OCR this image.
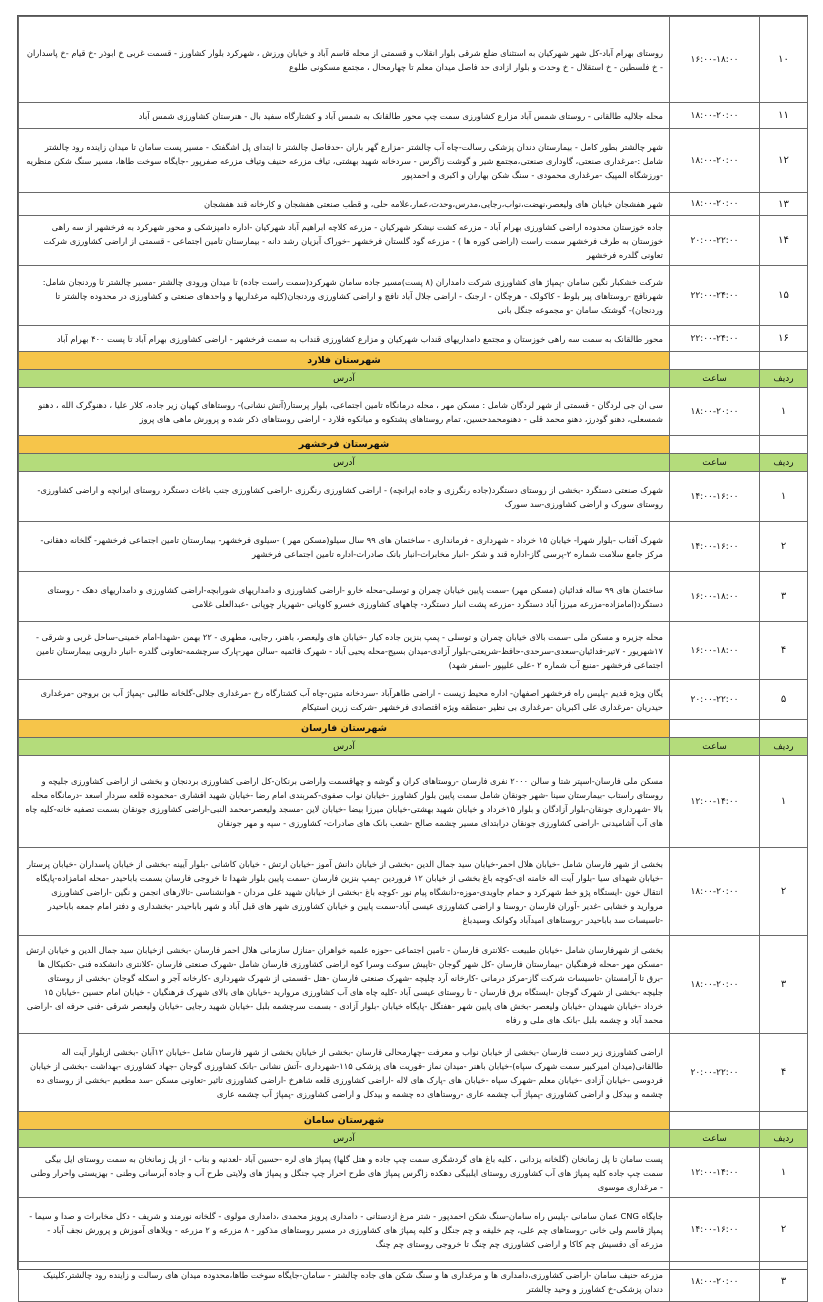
۱۰	۱۶:۰۰-۱۸:۰۰	روستای بهرام آباد-کل شهر شهرکیان به استثنای ضلع شرقی بلوار انقلاب و قسمتی از محله قاسم آباد و خیابان ورزش ، شهرکرد بلوار کشاورز - قسمت غربی خ ابوذر -خ قیام -خ پاسداران - خ فلسطین - خ استقلال - خ وحدت و بلوار ازادی حد فاصل میدان معلم تا چهارمحال ، مجتمع مسکونی طلوع
۱۱	۱۸:۰۰-۲۰:۰۰	محله جلالیه طالقانی - روستای شمس آباد مزارع کشاورزی سمت چپ محور طالقانک به شمس آباد و کشتارگاه سفید بال - هنرستان کشاورزی شمس آباد
۱۲	۱۸:۰۰-۲۰:۰۰	شهر چالشتر بطور کامل - بیمارستان دندان پزشکی رسالت-چاه آب چالشتر -مزارع گهر باران -حدفاصل چالشتر تا ابتدای پل اشگفتک - مسیر پست سامان تا میدان زاینده رود چالشتر شامل :-مرغداری صنعتی، گاوداری صنعتی،مجتمع شیر و گوشت زاگرس - سردخانه شهید بهشتی، تیاف مزرعه حنیف وتیاف مزرعه صفرپور -جایگاه سوخت طاها، مسیر سنگ شکن منظریه -ورزشگاه المپیک -مرغداری محمودی - سنگ شکن بهاران و اکبری و احمدپور
۱۳	۱۸:۰۰-۲۰:۰۰	شهر هفشجان خیابان های ولیعصر،نهضت،نواب،رجایی،مدرس،وحدت،عمار،علامه حلی، و قطب صنعتی هفشجان و کارخانه قند هفشجان
۱۴	۲۰:۰۰-۲۲:۰۰	جاده خوزستان محدوده اراضی کشاورزی بهرام آباد - مزرعه کشت نیشکر شهرکیان - مزرعه کلاچه ابراهیم آباد شهرکیان -اداره دامپزشکی و محور شهرکرد به فرخشهر از سه راهی خوزستان به طرف فرخشهر سمت راست (اراضی کوره ها ) - مزرعه گود گلستان فرخشهر -خوراک آبزیان رشد دانه - بیمارستان تامین اجتماعی - قسمتی از اراضی کشاورزی شرکت تعاونی گلدره فرخشهر
۱۵	۲۲:۰۰-۲۴:۰۰	شرکت خشکبار نگین سامان -پمپاژ های کشاورزی شرکت دامداران (۸ پست)مسیر جاده سامان شهرکرد(سمت راست جاده) تا میدان ورودی چالشتر -مسیر چالشتر تا وردنجان شامل: شهرنافچ -روستاهای پیر بلوط - کاکولک - هرچگان - ارجنک - اراضی جلال آباد نافچ و اراضی کشاورزی وردنجان(کلیه مرغداریها و واحدهای صنعتی و کشاورزی در محدوده چالشتر تا وردنجان)- گوشتک سامان -و مجموعه جنگل بانی
۱۶	۲۲:۰۰-۲۴:۰۰	محور طالقانک به سمت سه راهی خوزستان و مجتمع دامداریهای قنداب شهرکیان و مزارع کشاورزی قنداب به سمت فرخشهر - اراضی کشاورزی بهرام آباد تا پست ۴۰۰ بهرام آباد
		شهرستان فلارد
ردیف	ساعت	آدرس
۱	۱۸:۰۰-۲۰:۰۰	سی ان جی لردگان - قسمتی از شهر لردگان شامل : مسکن مهر ، محله درمانگاه تامین اجتماعی، بلوار پرستار(آتش نشانی)- روستاهای کهیان زیر جاده، کلار علیا ، دهنوگرک الله ، دهنو شمسعلی، دهنو گودرز، دهنو محمد قلی - دهنومحمدحسین، تمام روستاهای پشتکوه و میانکوه فلارد - اراضی روستاهای ذکر شده و پرورش ماهی های پروز
		شهرستان فرخشهر
ردیف	ساعت	آدرس
۱	۱۴:۰۰-۱۶:۰۰	شهرک صنعتی دستگرد -بخشی از روستای دستگرد(جاده رنگرزی و جاده ایرانچه) - اراضی کشاورزی رنگرزی -اراضی کشاورزی جنب باغات دستگرد روستای ایرانچه و اراضی کشاورزی-روستای سورک و اراضی کشاورزی-سد سورک
۲	۱۴:۰۰-۱۶:۰۰	شهرک آفتاب -بلوار شهرا- خیابان ۱۵ خرداد - شهرداری - فرمانداری - ساختمان های ۹۹ سال سیلو(مسکن مهر ) -سیلوی فرخشهر- بیمارستان تامین اجتماعی فرخشهر- گلخانه دهقانی-مرکز جامع سلامت شماره ۲-پرسی گاز-اداره قند و شکر -انبار مخابرات-انبار بانک صادرات-اداره تامین اجتماعی فرخشهر
۳	۱۶:۰۰-۱۸:۰۰	ساختمان های ۹۹ ساله فدائیان (مسکن مهر) -سمت پایین خیابان چمران و توسلی-محله خارو -اراضی کشاورزی و دامداریهای شورابچه-اراضی کشاورزی و دامداریهای دهک - روستای دستگرد(امامزاده-مزرعه میرزا آباد دستگرد -مزرعه پشت انبار دستگرد- چاههای کشاورزی خسرو کاویانی -شهریار چوپانی -عبدالعلی غلامی
۴	۱۶:۰۰-۱۸:۰۰	محله جزیره و مسکن ملی -سمت بالای خیابان چمران و توسلی - پمپ بنزین جاده کیار -خیابان های ولیعصر، باهنر، رجایی، مطهری - ۲۲ بهمن -شهدا-امام خمینی-ساحل غربی و شرقی - ۱۷شهریور - ۷تیر-فدائیان-سعدی-سرحدی-حافظ-شریعتی-بلوار آزادی-میدان بسیج-محله یحیی آباد - شهرک قائمیه -سالن مهر-پارک سرچشمه-تعاونی گلدره -انبار دارویی بیمارستان تامین اجتماعی فرخشهر -منبع آب شماره ۲ -علی علیپور -اسفر شهد)
۵	۲۰:۰۰-۲۲:۰۰	یگان ویژه قدیم -پلیس راه فرخشهر اصفهان- اداره محیط زیست - اراضی طاهرآباد -سردخانه متین-چاه آب کشتارگاه رخ -مرغداری جلالی-گلخانه طالبی -پمپاژ آب بن بروجن -مرغداری حیدریان -مرغداری علی اکبریان -مرغداری بی نظیر -منطقه ویژه اقتصادی فرخشهر -شرکت زرین استیکام
		شهرستان فارسان
ردیف	ساعت	آدرس
۱	۱۲:۰۰-۱۴:۰۰	مسکن ملی فارسان-اسپتر شتا و سالن ۲۰۰۰ نفری فارسان -روستاهای کران و گوشه و چهاقسمت واراضی برنکان-کل اراضی کشاورزی بردنجان و بخشی از اراضی کشاورزی جلیچه و روستای راستاب -بیمارستان سینا -شهر جونقان شامل سمت پایین بلوار کشاورز -خیابان نواب صفوی-کمربندی امام رضا -خیابان شهید افشاری -محموده قلعه سردار اسعد -درمانگاه محله بالا -شهرداری جونقان-بلوار آزادگان و بلوار ۱۵خرداد و خیابان شهید بهشتی-خیابان میرزا بیضا -خیابان لاین -مسجد ولیعصر-محمد النبی-اراضی کشاورزی جونقان بسمت تصفیه خانه-کلیه چاه های آب آشامیدنی -اراضی کشاورزی جونقان درابتدای مسیر چشمه صالح -شعب بانک های صادرات- کشاورزی - سپه و مهر جونقان
۲	۱۸:۰۰-۲۰:۰۰	بخشی از شهر فارسان شامل -خیابان هلال احمر-خیابان سید جمال الدین -بخشی از خیابان دانش آموز -خیابان ارتش - خیابان کاشانی -بلوار آیینه -بخشی از خیابان پاسداران -خیابان پرستار -خیابان شهدای سیا -بلوار آیت اله خامنه ای-کوچه باغ بخشی از خیابان ۱۲ فروردین -پمپ بنزین فارسان -سمت پایین بلوار شهدا تا خروجی فارسان بسمت باباحیدر -محله امامزاده-پایگاه انتقال خون -ایستگاه پژو خط شهرکرد و حمام جاویدی-موزه-دانشگاه پیام نور -کوچه باغ -بخشی از خیابان شهید علی مردان - هوانشناسی -تالارهای انجمن و نگین -اراضی کشاورزی مروارید و خشابی -غدیر -آوران فارسان -روستا و اراضی کشاورزی عیسی آباد-سمت پایین و خیابان کشاورزی شهر های قبل آباد و شهر باباحیدر -بخشداری و دفتر امام جمعه باباحیدر -تاسیسات سد باباحیدر -روستاهای امیدآباد وکوانک وسیدباغ
۳	۱۸:۰۰-۲۰:۰۰	بخشی از شهرفارسان شامل -خیابان طبیعت -کلانتری فارسان - تامین اجتماعی -حوزه علمیه خواهران -منازل سازمانی هلال احمر فارسان -بخشی ازخیابان سید جمال الدین و خیابان ارتش -مسکن مهر -محله فرهنگیان -بیمارستان فارسان -کل شهر گوجان -تاپیش سوکت وسرا کوه اراضی کشاورزی فارسان شامل -شهرک صنعتی فارسان -کلانتری دانشکده فنی -تکنیکال ها -برق تا آرامستان -تاسیسات شرکت گاز-مرکز درمانی -کارخانه آرد چلیچه -شهرک صنعتی فارسان -هتل -قسمتی از شهرک شهرداری -کارخانه آجر و اسکله گوجان -بخشی از روستای جلیچه -بخشی از شهرک گوجان -ایستگاه برق فارسان - تا روستای عیسی آباد -کلیه چاه های آب کشاورزی مروارید -خیابان های بالای شهرک فرهنگیان - خیابان امام حسین -خیابان ۱۵ خرداد -خیابان شهیدان -خیابان ولیعصر -بخش های پایین شهر -هفتگل -پایگاه خیابان -بلوار آزادی - بسمت سرچشمه بلبل -خیابان شهید رجایی -خیابان ولیعصر شرقی -فنی حرفه ای -اراضی محمد آباد و چشمه بلبل -بانک های ملی و رفاه
۴	۲۰:۰۰-۲۲:۰۰	اراضی کشاورزی زیر دست فارسان -بخشی از خیابان نواب و معرفت -چهارمحالی فارسان -بخشی از خیابان بخشی از شهر فارسان شامل -خیابان ۱۲آبان -بخشی ازبلوار آیت اله طالقانی(میدان امیرکبیر سمت شهرک سپاه)-خیابان باهنر -میدان نماز -فوریت های پزشکی ۱۱۵-شهرداری -آتش نشانی -بانک کشاورزی گوجان -جهاد کشاورزی -بهداشت -بخشی از خیابان فردوسی -خیابان آزادی -خیابان معلم -شهرک سپاه -خیابان های -پارک های لاله -اراضی کشاورزی قلعه شاهرخ -اراضی کشاورزی تاثیر -تعاونی مسکن -سد مطعیم -بخشی از روستای ده چشمه و بیدکل و اراضی کشاورزی -پمپاژ آب چشمه عاری -روستاهای ده چشمه و بیدکل و اراضی کشاورزی -پمپاژ آب چشمه عاری
		شهرستان سامان
ردیف	ساعت	آدرس
۱	۱۲:۰۰-۱۴:۰۰	پست سامان تا پل زمانخان (گلخانه یزدانی ، کلیه باغ های گردشگری سمت چپ جاده و هتل گلها) پمپاژ های لره -حسین آباد -لعدنیه و بناب - از پل زمانخان به سمت روستای ایل بیگی سمت چپ جاده کلیه پمپاژ های آب کشاورزی روستای ایلبیگی دهکده زاگرس پمپاژ های طرح احرار چپ جنگل و پمپاژ های ولایتی طرح آب و جاده آبرسانی وطنی - بهزیستی واحرار وطنی - مرغداری موسوی
۲	۱۴:۰۰-۱۶:۰۰	جایگاه CNG عمان سامانی -پلیس راه سامان-سنگ شکن احمدپور - شتر مرغ ازدستانی - دامداری پرویز محمدی ،دامداری مولوی - گلخانه نورمند و شریف - دکل مخابرات و صدا و سیما - پمپاژ قاسم ولی خانی -روستاهای چم علی، چم خلیفه و چم جنگل و کلیه پمپاژ های کشاورزی در مسیر روستاهای مذکور - ۸ مزرعه و ۲ مزرعه - ویلاهای آموزش و پرورش نجف آباد - مزرعه آی دقسیش چم کاکا و اراضی کشاورزی چم چنگ تا خروجی روستای چم چنگ
۳	۱۸:۰۰-۲۰:۰۰	مزرعه حنیف سامان -اراضی کشاورزی،دامداری ها و مرغداری ها و سنگ شکن های جاده چالشتر - سامان-جایگاه سوخت طاها،محدوده میدان های رسالت و زاینده رود چالشتر،کلینیک دندان پزشکی-خ کشاورز و وحید چالشتر
